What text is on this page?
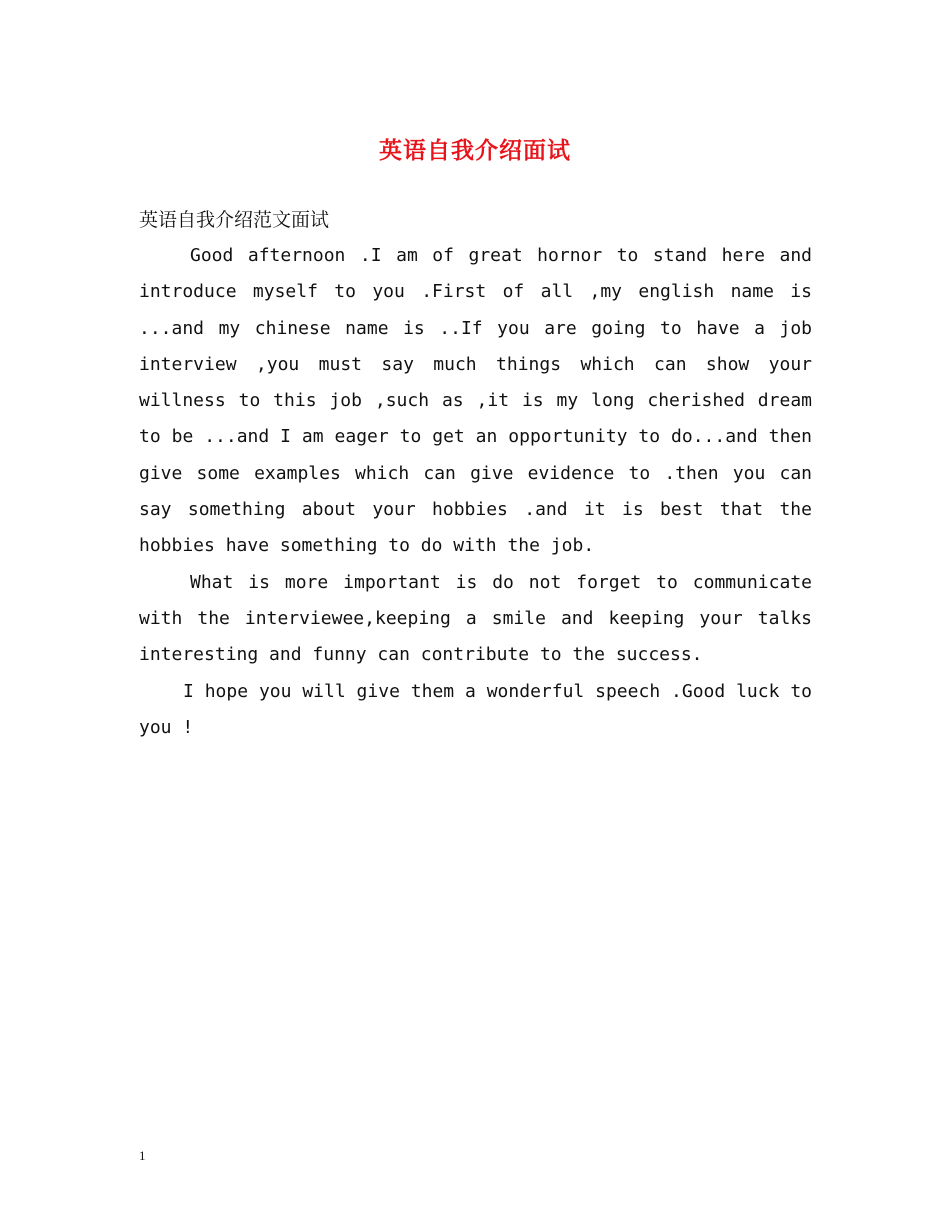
英语自我介绍面试
英语自我介绍范文面试

Good afternoon .I am of great hornor to stand here and introduce myself to you .First of all ,my english name is ...and my chinese name is ..If you are going to have a job interview ,you must say much things which can show your willness to this job ,such as ,it is my long cherished dream to be ...and I am eager to get an opportunity to do...and then give some examples which can give evidence to .then you can say something about your hobbies .and it is best that the hobbies have something to do with the job.

What is more important is do not forget to communicate with the interviewee,keeping a smile and keeping your talks interesting and funny can contribute to the success.

I hope you will give them a wonderful speech .Good luck to you !

1
